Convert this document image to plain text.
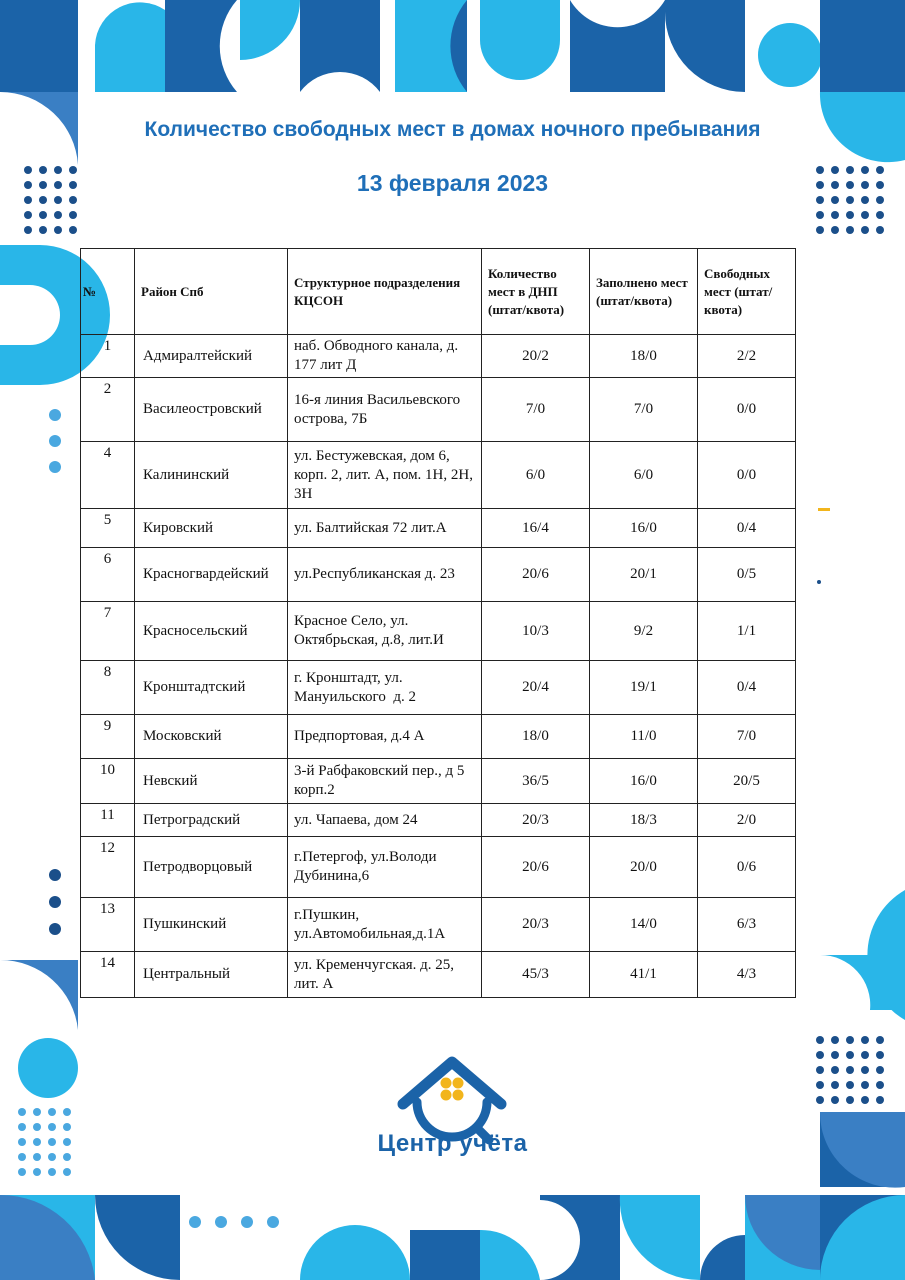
Количество свободных мест в домах ночного пребывания
13 февраля 2023
№	Район Спб	Структурное подразделения КЦСОН	Количество мест в ДНП (штат/квота)	Заполнено мест (штат/квота)	Свободных мест (штат/квота)
1	Адмиралтейский	наб. Обводного канала, д. 177 лит Д	20/2	18/0	2/2
2	Василеостровский	16-я линия Васильевского острова, 7Б	7/0	7/0	0/0
4	Калининский	ул. Бестужевская, дом 6, корп. 2, лит. А, пом. 1Н, 2Н, 3Н	6/0	6/0	0/0
5	Кировский	ул. Балтийская 72 лит.А	16/4	16/0	0/4
6	Красногвардейский	ул.Республиканская д. 23	20/6	20/1	0/5
7	Красносельский	Красное Село, ул. Октябрьская, д.8, лит.И	10/3	9/2	1/1
8	Кронштадтский	г. Кронштадт, ул. Мануильского  д. 2	20/4	19/1	0/4
9	Московский	Предпортовая, д.4 А	18/0	11/0	7/0
10	Невский	3-й Рабфаковский пер., д 5 корп.2	36/5	16/0	20/5
11	Петроградский	ул. Чапаева, дом 24	20/3	18/3	2/0
12	Петродворцовый	г.Петергоф, ул.Володи Дубинина,6	20/6	20/0	0/6
13	Пушкинский	г.Пушкин, ул.Автомобильная,д.1А	20/3	14/0	6/3
14	Центральный	ул. Кременчугская. д. 25, лит. А	45/3	41/1	4/3
Центр учёта
